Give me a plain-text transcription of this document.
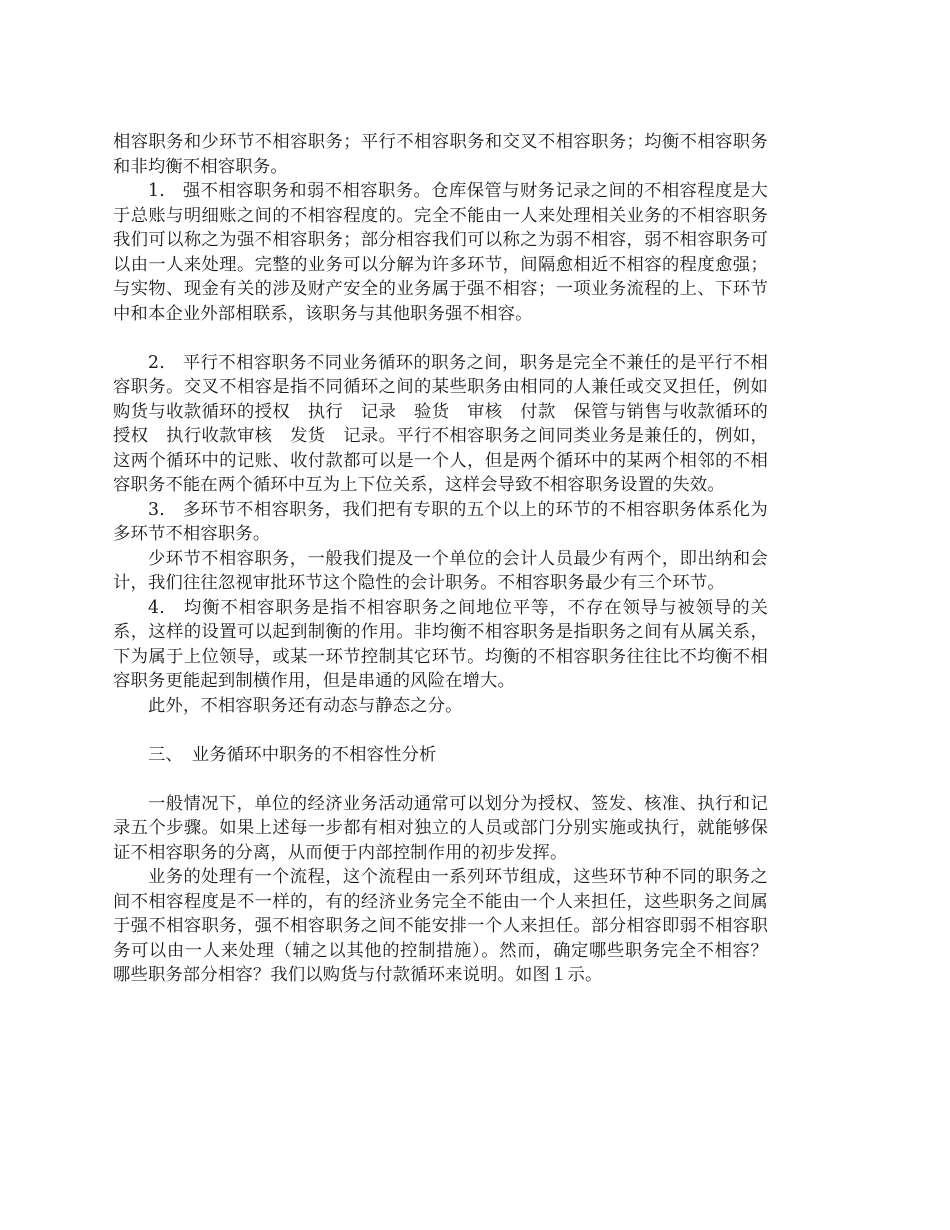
相容职务和少环节不相容职务；平行不相容职务和交叉不相容职务；均衡不相容职务和非均衡不相容职务。

1.　强不相容职务和弱不相容职务。仓库保管与财务记录之间的不相容程度是大于总账与明细账之间的不相容程度的。完全不能由一人来处理相关业务的不相容职务我们可以称之为强不相容职务；部分相容我们可以称之为弱不相容，弱不相容职务可以由一人来处理。完整的业务可以分解为许多环节，间隔愈相近不相容的程度愈强；与实物、现金有关的涉及财产安全的业务属于强不相容；一项业务流程的上、下环节中和本企业外部相联系，该职务与其他职务强不相容。

2.　平行不相容职务不同业务循环的职务之间，职务是完全不兼任的是平行不相容职务。交叉不相容是指不同循环之间的某些职务由相同的人兼任或交叉担任，例如购货与收款循环的授权　执行　记录　验货　审核　付款　保管与销售与收款循环的授权　执行收款审核　发货　记录。平行不相容职务之间同类业务是兼任的，例如，这两个循环中的记账、收付款都可以是一个人，但是两个循环中的某两个相邻的不相容职务不能在两个循环中互为上下位关系，这样会导致不相容职务设置的失效。

3.　多环节不相容职务，我们把有专职的五个以上的环节的不相容职务体系化为多环节不相容职务。

少环节不相容职务，一般我们提及一个单位的会计人员最少有两个，即出纳和会计，我们往往忽视审批环节这个隐性的会计职务。不相容职务最少有三个环节。

4.　均衡不相容职务是指不相容职务之间地位平等，不存在领导与被领导的关系，这样的设置可以起到制衡的作用。非均衡不相容职务是指职务之间有从属关系，下为属于上位领导，或某一环节控制其它环节。均衡的不相容职务往往比不均衡不相容职务更能起到制横作用，但是串通的风险在增大。

此外，不相容职务还有动态与静态之分。

三、　业务循环中职务的不相容性分析

一般情况下，单位的经济业务活动通常可以划分为授权、签发、核准、执行和记录五个步骤。如果上述每一步都有相对独立的人员或部门分别实施或执行，就能够保证不相容职务的分离，从而便于内部控制作用的初步发挥。

业务的处理有一个流程，这个流程由一系列环节组成，这些环节种不同的职务之间不相容程度是不一样的，有的经济业务完全不能由一个人来担任，这些职务之间属于强不相容职务，强不相容职务之间不能安排一个人来担任。部分相容即弱不相容职务可以由一人来处理（辅之以其他的控制措施）。然而，确定哪些职务完全不相容？哪些职务部分相容？我们以购货与付款循环来说明。如图１示。
